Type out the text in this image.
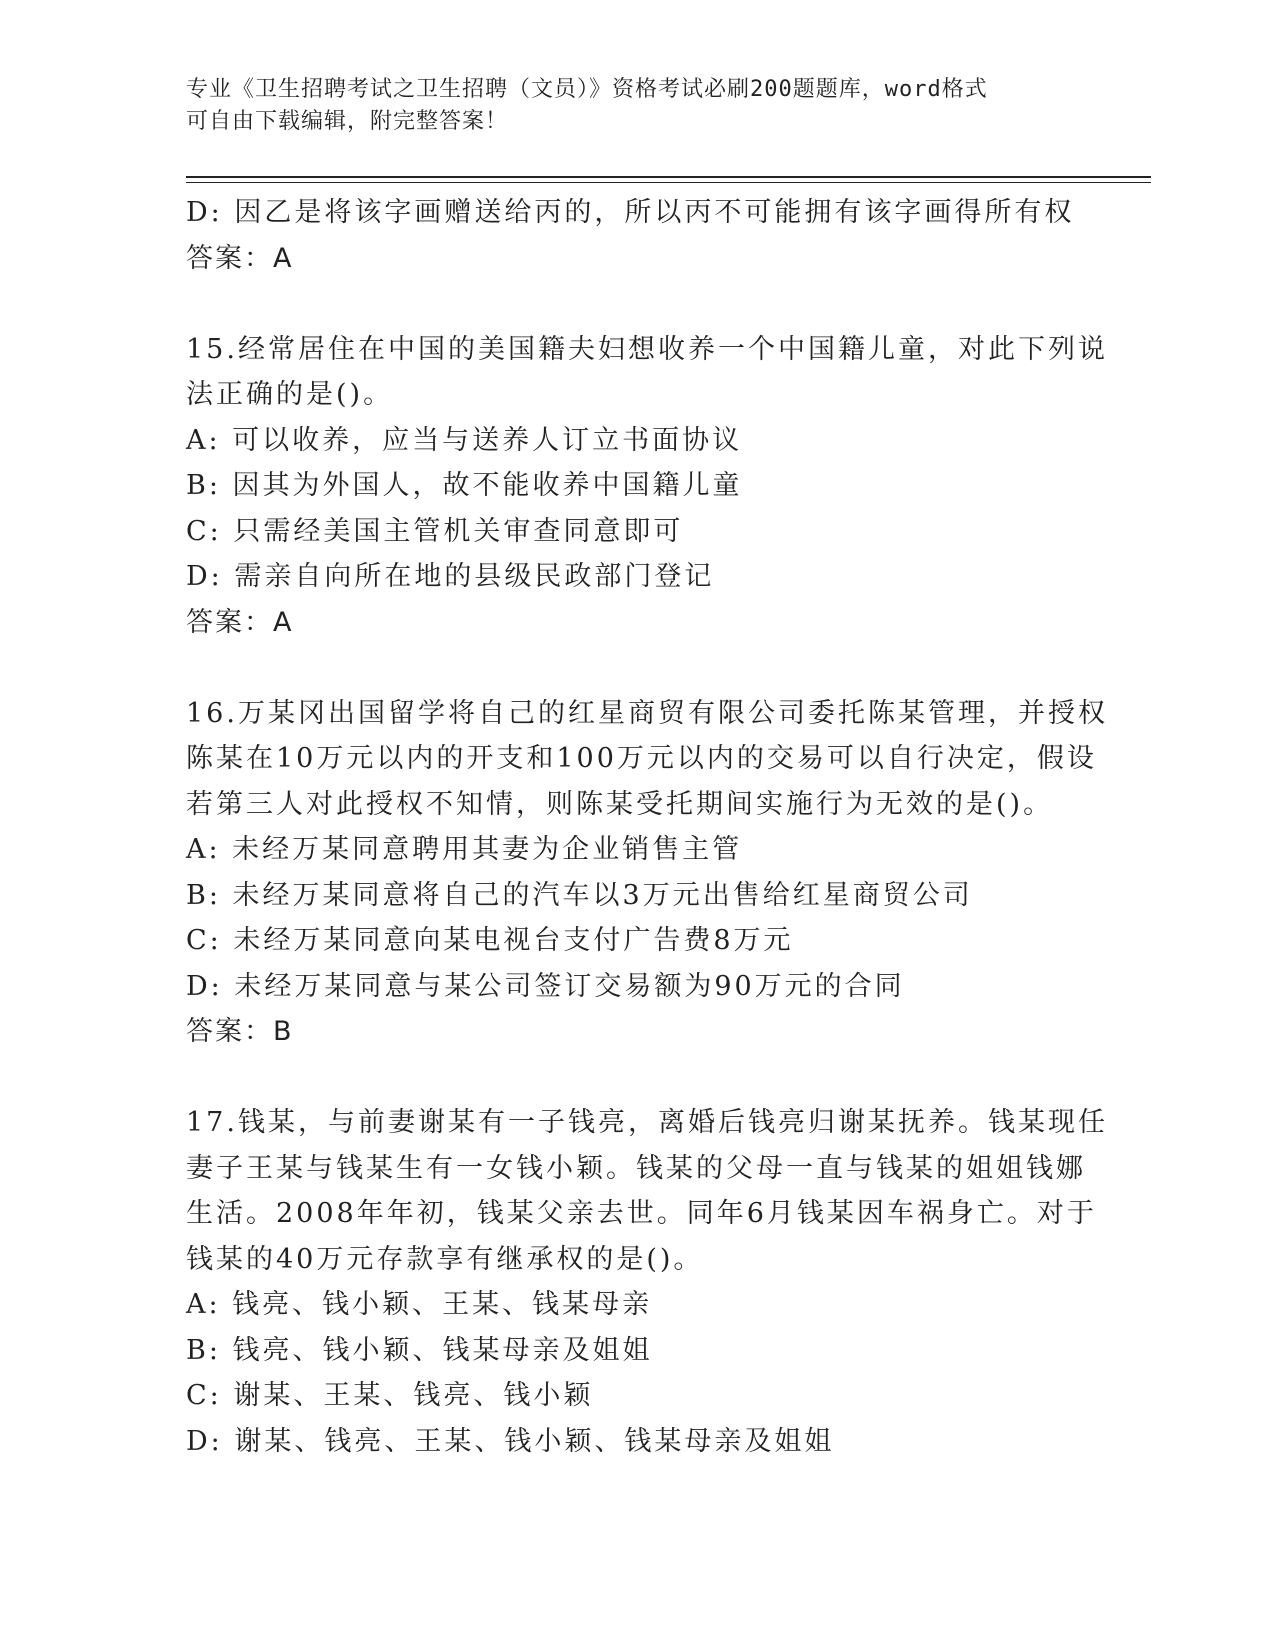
专业《卫生招聘考试之卫生招聘（文员）》资格考试必刷200题题库，word格式
可自由下载编辑，附完整答案！
D: 因乙是将该字画赠送给丙的，所以丙不可能拥有该字画得所有权
答案：A
15.经常居住在中国的美国籍夫妇想收养一个中国籍儿童，对此下列说
法正确的是()。
A: 可以收养，应当与送养人订立书面协议
B: 因其为外国人，故不能收养中国籍儿童
C: 只需经美国主管机关审查同意即可
D: 需亲自向所在地的县级民政部门登记
答案：A
16.万某冈出国留学将自己的红星商贸有限公司委托陈某管理，并授权
陈某在10万元以内的开支和100万元以内的交易可以自行决定，假设
若第三人对此授权不知情，则陈某受托期间实施行为无效的是()。
A: 未经万某同意聘用其妻为企业销售主管
B: 未经万某同意将自己的汽车以3万元出售给红星商贸公司
C: 未经万某同意向某电视台支付广告费8万元
D: 未经万某同意与某公司签订交易额为90万元的合同
答案：B
17.钱某，与前妻谢某有一子钱亮，离婚后钱亮归谢某抚养。钱某现任
妻子王某与钱某生有一女钱小颖。钱某的父母一直与钱某的姐姐钱娜
生活。2008年年初，钱某父亲去世。同年6月钱某因车祸身亡。对于
钱某的40万元存款享有继承权的是()。
A: 钱亮、钱小颖、王某、钱某母亲
B: 钱亮、钱小颖、钱某母亲及姐姐
C: 谢某、王某、钱亮、钱小颖
D: 谢某、钱亮、王某、钱小颖、钱某母亲及姐姐
